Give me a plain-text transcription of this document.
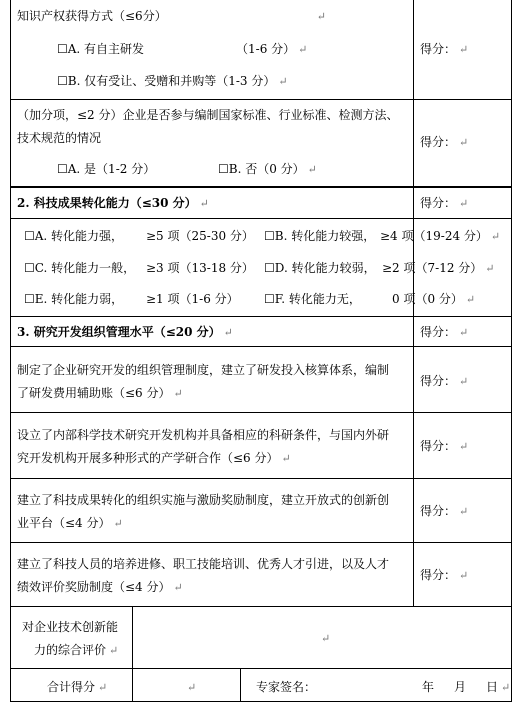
知识产权获得方式（≤6分）	↵
☐A. 有自主研发	（1-6 分） ↵
☐B. 仅有受让、受赠和并购等（1-3 分） ↵
得分： ↵
（加分项，≤2 分）企业是否参与编制国家标准、行业标准、检测方法、
技术规范的情况
☐A. 是（1-2 分）	☐B. 否（0 分） ↵
得分： ↵
2. 科技成果转化能力（≤30 分） ↵	得分： ↵
☐A. 转化能力强， ≥5 项（25-30 分） ☐B. 转化能力较强， ≥4 项（19-24 分） ↵
☐C. 转化能力一般， ≥3 项（13-18 分） ☐D. 转化能力较弱， ≥2 项（7-12 分） ↵
☐E. 转化能力弱， ≥1 项（1-6 分） ☐F. 转化能力无，	0 项（0 分） ↵
3. 研究开发组织管理水平（≤20 分） ↵	得分： ↵
制定了企业研究开发的组织管理制度，建立了研发投入核算体系，编制
了研发费用辅助账（≤6 分） ↵
得分： ↵
设立了内部科学技术研究开发机构并具备相应的科研条件，与国内外研
究开发机构开展多种形式的产学研合作（≤6 分） ↵
得分： ↵
建立了科技成果转化的组织实施与激励奖励制度，建立开放式的创新创
业平台（≤4 分） ↵
得分： ↵
建立了科技人员的培养进修、职工技能培训、优秀人才引进，以及人才
绩效评价奖励制度（≤4 分） ↵
得分： ↵
对企业技术创新能
力的综合评价 ↵
↵
合计得分 ↵	↵	专家签名：	年 月 日 ↵
